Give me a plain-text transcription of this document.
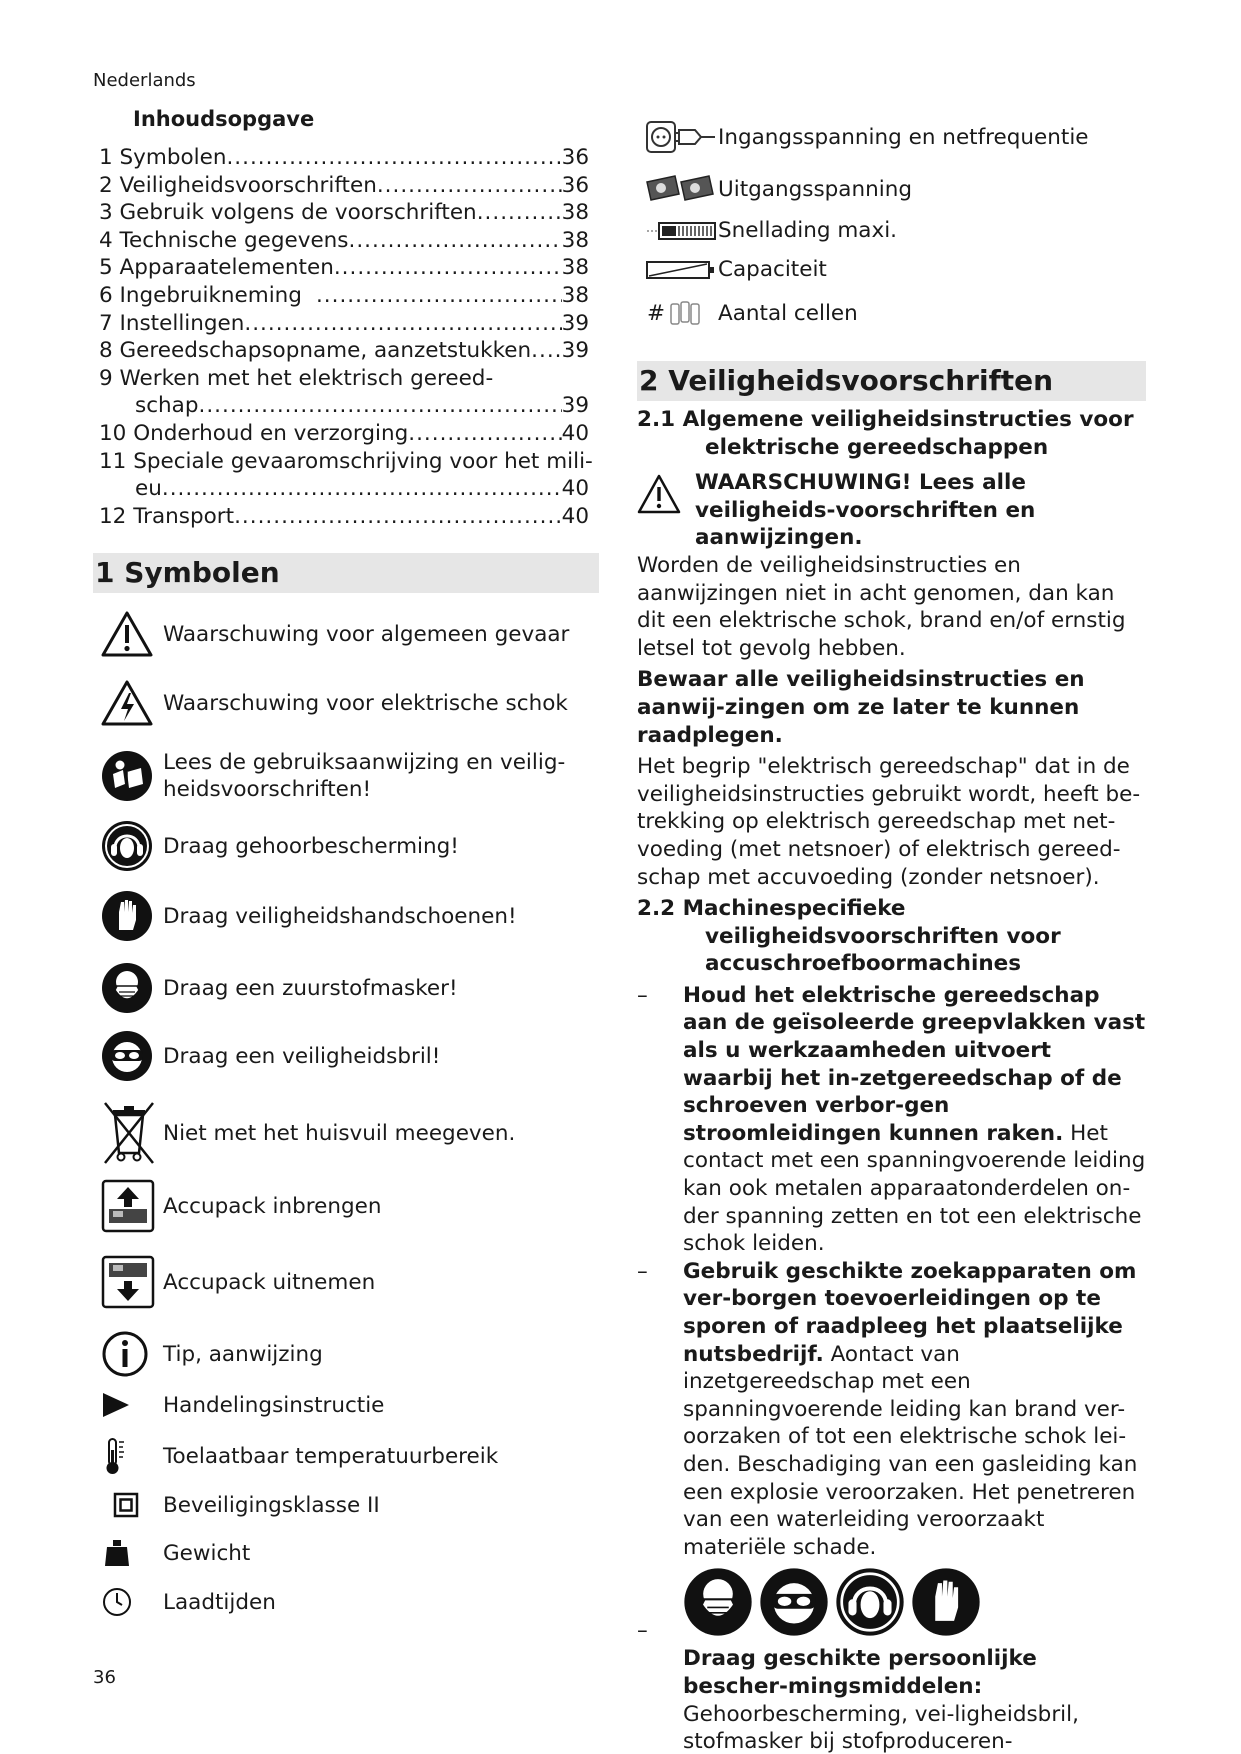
Nederlands
36
Inhoudsopgave
1 Symbolen .....	36
2 Veiligheidsvoorschriften .....	36
3 Gebruik volgens de voorschriften .....	38
4 Technische gegevens .....	38
5 Apparaatelementen .....	38
6 Ingebruikneming .....	38
7 Instellingen .....	39
8 Gereedschapsopname, aanzetstukken ..... 39
9 Werken met het elektrisch gereed-
schap .....	39
10 Onderhoud en verzorging .....	40
11 Speciale gevaaromschrijving voor het mili-
eu .....	40
12 Transport .....	40
1 Symbolen
Waarschuwing voor algemeen gevaar
Waarschuwing voor elektrische schok
Lees de gebruiksaanwijzing en veilig-heidsvoorschriften!
Draag gehoorbescherming!
Draag veiligheidshandschoenen!
Draag een zuurstofmasker!
Draag een veiligheidsbril!
Niet met het huisvuil meegeven.
Accupack inbrengen
Accupack uitnemen
Tip, aanwijzing
Handelingsinstructie
Toelaatbaar temperatuurbereik
Beveiligingsklasse II
Gewicht
Laadtijden
Ingangsspanning en netfrequentie
Uitgangsspanning
Snellading maxi.
Capaciteit
# Aantal cellen
2 Veiligheidsvoorschriften
2.1 Algemene veiligheidsinstructies voor
elektrische gereedschappen
WAARSCHUWING! Lees alle veiligheids-voorschriften en aanwijzingen.
Worden de veiligheidsinstructies en aanwijzingen niet in acht genomen, dan kan dit een elektrische schok, brand en/of ernstig letsel tot gevolg hebben.
Bewaar alle veiligheidsinstructies en aanwij-zingen om ze later te kunnen raadplegen.
Het begrip "elektrisch gereedschap" dat in de veiligheidsinstructies gebruikt wordt, heeft be-trekking op elektrisch gereedschap met net-voeding (met netsnoer) of elektrisch gereed-schap met accuvoeding (zonder netsnoer).
2.2 Machinespecifieke
veiligheidsvoorschriften voor
accuschroefboormachines
– Houd het elektrische gereedschap aan de geïsoleerde greepvlakken vast als u werkzaamheden uitvoert waarbij het in-zetgereedschap of de schroeven verbor-gen stroomleidingen kunnen raken. Het contact met een spanningvoerende leiding kan ook metalen apparaatonderdelen on-der spanning zetten en tot een elektrische schok leiden.
– Gebruik geschikte zoekapparaten om ver-borgen toevoerleidingen op te sporen of raadpleeg het plaatselijke nutsbedrijf. Aontact van inzetgereedschap met een spanningvoerende leiding kan brand ver-oorzaken of tot een elektrische schok lei-den. Beschadiging van een gasleiding kan een explosie veroorzaken. Het penetreren van een waterleiding veroorzaakt materiële schade.
–
Draag geschikte persoonlijke bescher-mingsmiddelen: Gehoorbescherming, vei-ligheidsbril, stofmasker bij stofproduceren-
